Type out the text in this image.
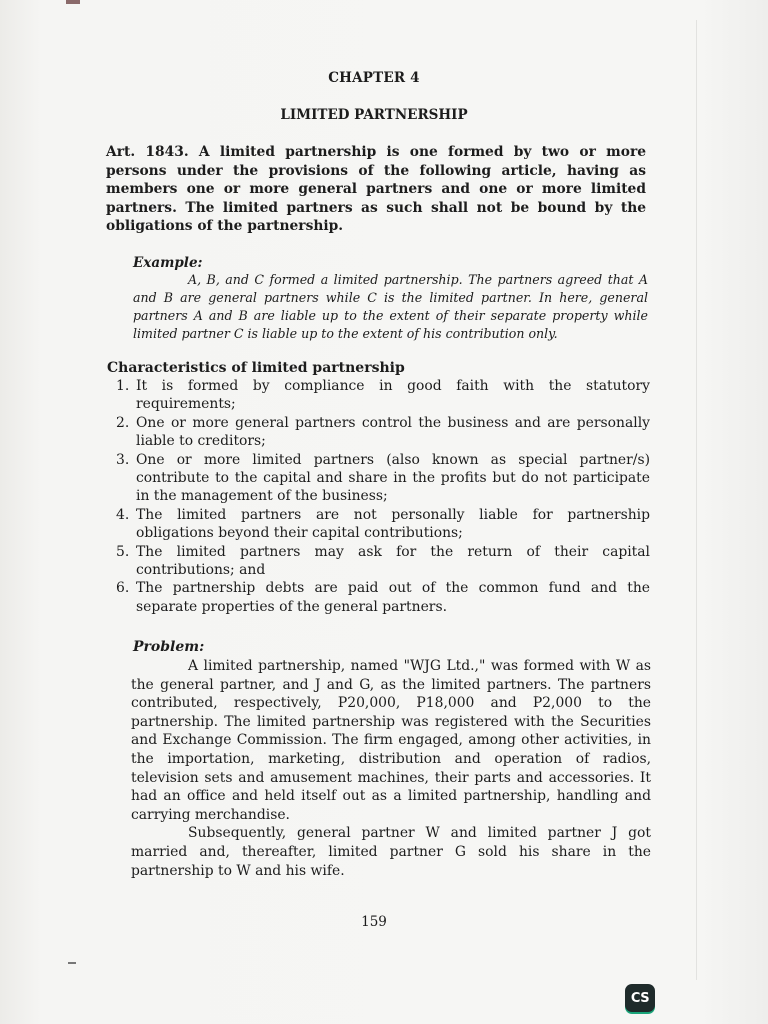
CHAPTER 4
LIMITED PARTNERSHIP
Art. 1843. A limited partnership is one formed by two or more persons under the provisions of the following article, having as members one or more general partners and one or more limited partners. The limited partners as such shall not be bound by the obligations of the partnership.
Example:
A, B, and C formed a limited partnership. The partners agreed that A and B are general partners while C is the limited partner. In here, general partners A and B are liable up to the extent of their separate property while limited partner C is liable up to the extent of his contribution only.
Characteristics of limited partnership
1. It is formed by compliance in good faith with the statutory requirements;
2. One or more general partners control the business and are personally liable to creditors;
3. One or more limited partners (also known as special partner/s) contribute to the capital and share in the profits but do not participate in the management of the business;
4. The limited partners are not personally liable for partnership obligations beyond their capital contributions;
5. The limited partners may ask for the return of their capital contributions; and
6. The partnership debts are paid out of the common fund and the separate properties of the general partners.
Problem:

A limited partnership, named "WJG Ltd.," was formed with W as the general partner, and J and G, as the limited partners. The partners contributed, respectively, P20,000, P18,000 and P2,000 to the partnership. The limited partnership was registered with the Securities and Exchange Commission. The firm engaged, among other activities, in the importation, marketing, distribution and operation of radios, television sets and amusement machines, their parts and accessories. It had an office and held itself out as a limited partnership, handling and carrying merchandise.

Subsequently, general partner W and limited partner J got married and, thereafter, limited partner G sold his share in the partnership to W and his wife.

159
CS
